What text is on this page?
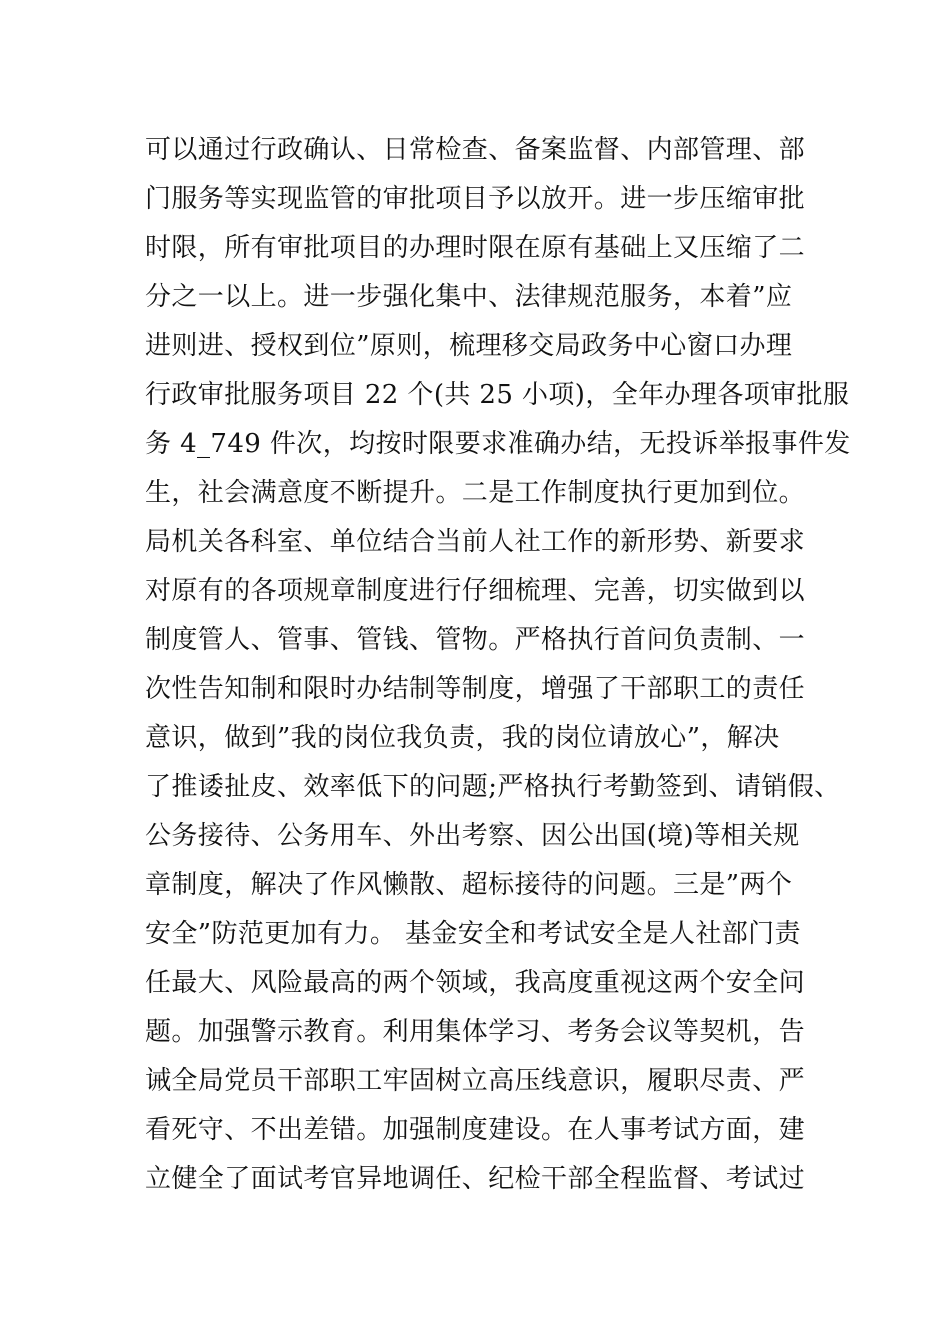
可以通过行政确认、日常检查、备案监督、内部管理、部
门服务等实现监管的审批项目予以放开。进一步压缩审批
时限，所有审批项目的办理时限在原有基础上又压缩了二
分之一以上。进一步强化集中、法律规范服务，本着”应
进则进、授权到位”原则，梳理移交局政务中心窗口办理
行政审批服务项目 22 个(共 25 小项)，全年办理各项审批服
务 4_749 件次，均按时限要求准确办结，无投诉举报事件发
生，社会满意度不断提升。二是工作制度执行更加到位。
局机关各科室、单位结合当前人社工作的新形势、新要求
对原有的各项规章制度进行仔细梳理、完善，切实做到以
制度管人、管事、管钱、管物。严格执行首问负责制、一
次性告知制和限时办结制等制度，增强了干部职工的责任
意识，做到”我的岗位我负责，我的岗位请放心”，解决
了推诿扯皮、效率低下的问题;严格执行考勤签到、请销假、
公务接待、公务用车、外出考察、因公出国(境)等相关规
章制度，解决了作风懒散、超标接待的问题。三是”两个
安全”防范更加有力。 基金安全和考试安全是人社部门责
任最大、风险最高的两个领域，我高度重视这两个安全问
题。加强警示教育。利用集体学习、考务会议等契机，告
诫全局党员干部职工牢固树立高压线意识，履职尽责、严
看死守、不出差错。加强制度建设。在人事考试方面，建
立健全了面试考官异地调任、纪检干部全程监督、考试过
